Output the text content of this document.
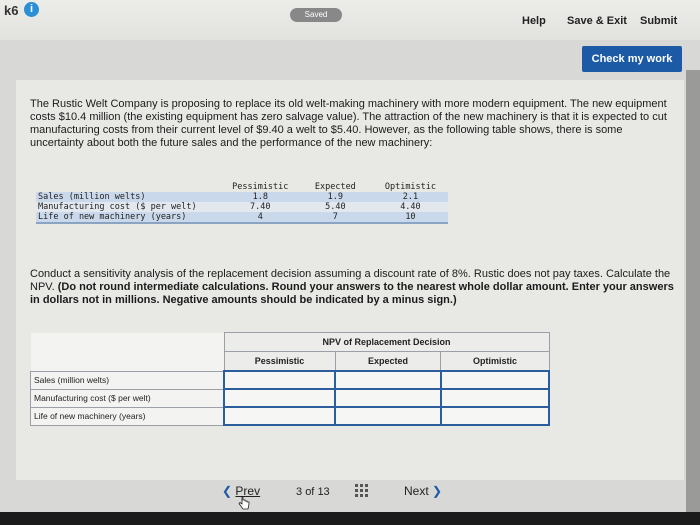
k6	i	Saved
Help Save & Exit Submit
Check my work
The Rustic Welt Company is proposing to replace its old welt-making machinery with more modern equipment. The new equipment costs $10.4 million (the existing equipment has zero salvage value). The attraction of the new machinery is that it is expected to cut manufacturing costs from their current level of $9.40 a welt to $5.40. However, as the following table shows, there is some uncertainty about both the future sales and the performance of the new machinery:
	Pessimistic	Expected	Optimistic
Sales (million welts)	1.8	1.9	2.1
Manufacturing cost ($ per welt)	7.40	5.40	4.40
Life of new machinery (years)	4	7	10

Conduct a sensitivity analysis of the replacement decision assuming a discount rate of 8%. Rustic does not pay taxes. Calculate the NPV. (Do not round intermediate calculations. Round your answers to the nearest whole dollar amount. Enter your answers in dollars not in millions. Negative amounts should be indicated by a minus sign.)
	NPV of Replacement Decision		
	Pessimistic	Expected	Optimistic
Sales (million welts)			
Manufacturing cost ($ per welt)			
Life of new machinery (years)			
❮ Prev	3 of 13	Next ❯
